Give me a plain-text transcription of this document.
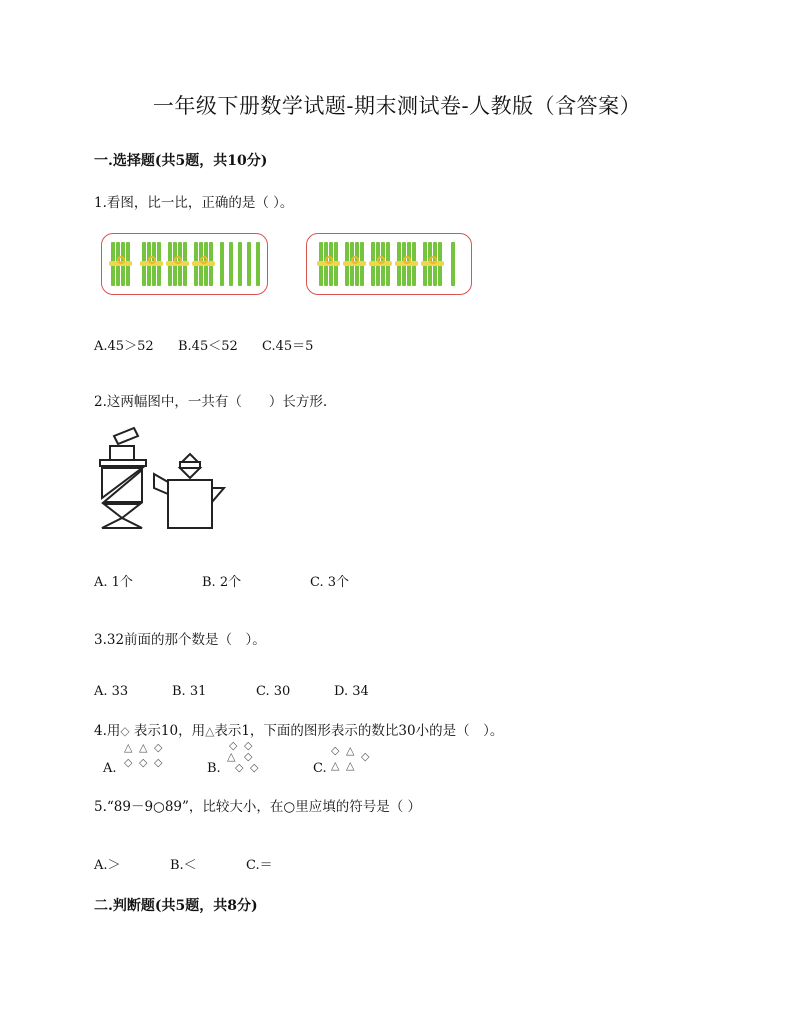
一年级下册数学试题-期末测试卷-人教版（含答案）
一.选择题(共5题，共10分)
1.看图，比一比，正确的是（ ）。
A.45＞52 B.45＜52 C.45＝5
2.这两幅图中，一共有（　　）长方形.
A. 1个	B. 2个	C. 3个
3.32前面的那个数是（　）。
A. 33	B. 31	C. 30	D. 34
4.用◇ 表示10，用△表示1，下面的图形表示的数比30小的是（　）。
A.
△ △ ◇
◇ ◇ ◇	B.
◇ ◇
△ ◇
◇ ◇	C.
◇ △ ◇
△ △
5.“89－9○89”，比较大小，在○里应填的符号是（ ）
A.＞	B.＜	C.＝
二.判断题(共5题，共8分)
